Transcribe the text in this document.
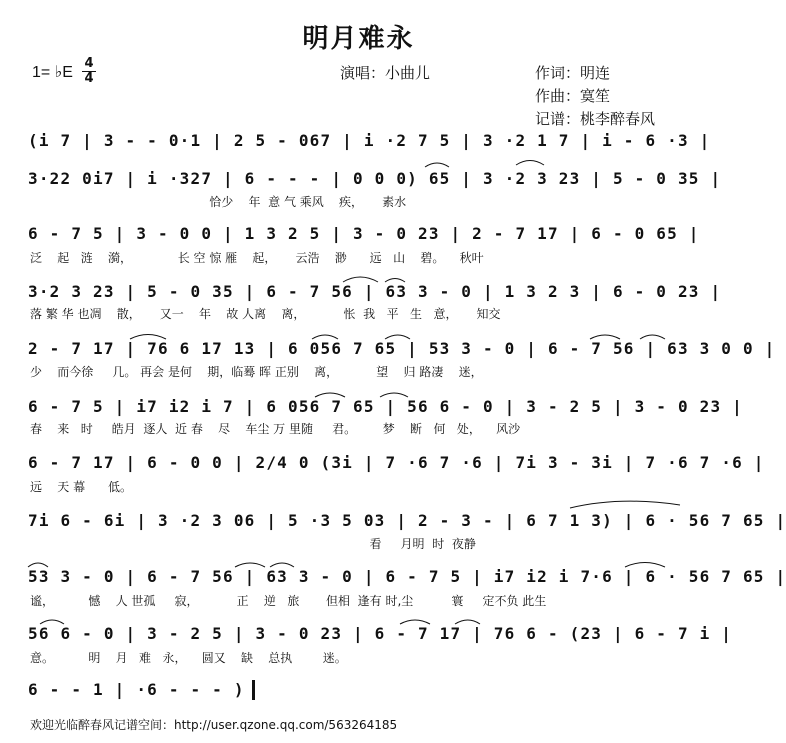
明月难永
1= ♭E
4
4	演唱：小曲儿	作词：明连
作曲：寞笙
记谱：桃李醉春风
(i 7 | 3 - - 0·1 | 2 5 - 067 | i ·2 7 5 | 3 ·2 1 7 | i - 6 ·3 |
3·22 0i7 | i ·327 | 6 - - - | 0 0 0) 65 | 3 ·2 3 23 | 5 - 0 35 |
恰少    年  意 气 乘风    疾，     素水
6 - 7 5 | 3 - 0 0 | 1 3 2 5 | 3 - 0 23 | 2 - 7 17 | 6 - 0 65 |
泛    起   涟    漪，            长 空 惊 雁    起，     云浩    渺      远   山    碧。    秋叶
3·2 3 23 | 5 - 0 35 | 6 - 7 56 | 63 3 - 0 | 1 3 2 3 | 6 - 0 23 |
落 繁 华 也凋    散，     又一    年    故 人离    离，          怅  我   平   生   意，     知交
2 - 7 17 | 76 6 17 13 | 6 056 7 65 | 53 3 - 0 | 6 - 7 56 | 63 3 0 0 |
少    而今徐     几。 再会 是何    期，临蓦 晖 正别    离，          望    归 路凄    迷，
6 - 7 5 | i7 i2 i 7 | 6 056 7 65 | 56 6 - 0 | 3 - 2 5 | 3 - 0 23 |
春    来   时     皓月  逐人  近 春    尽    车尘 万 里随     君。       梦    断   何   处，    风沙
6 - 7 17 | 6 - 0 0 | 2/4 0 (3i | 7 ·6 7 ·6 | 7i 3 - 3i | 7 ·6 7 ·6 |
远    天 幕      低。
7i 6 - 6i | 3 ·2 3 06 | 5 ·3 5 03 | 2 - 3 - | 6 7 1 3) | 6 · 56 7 65 |
看     月明  时  夜静
53 3 - 0 | 6 - 7 56 | 63 3 - 0 | 6 - 7 5 | i7 i2 i 7·6 | 6 · 56 7 65 |
谧，         憾    人 世孤     寂，          正    逆   旅       但相  逢有 时,尘          寰     定不负 此生
56 6 - 0 | 3 - 2 5 | 3 - 0 23 | 6 - 7 17 | 76 6 - (23 | 6 - 7 i |
意。         明    月   难   永，    圆又    缺    总执        迷。
6 - - 1 | ·6 - - - )
欢迎光临醉春风记谱空间：http://user.qzone.qq.com/563264185
